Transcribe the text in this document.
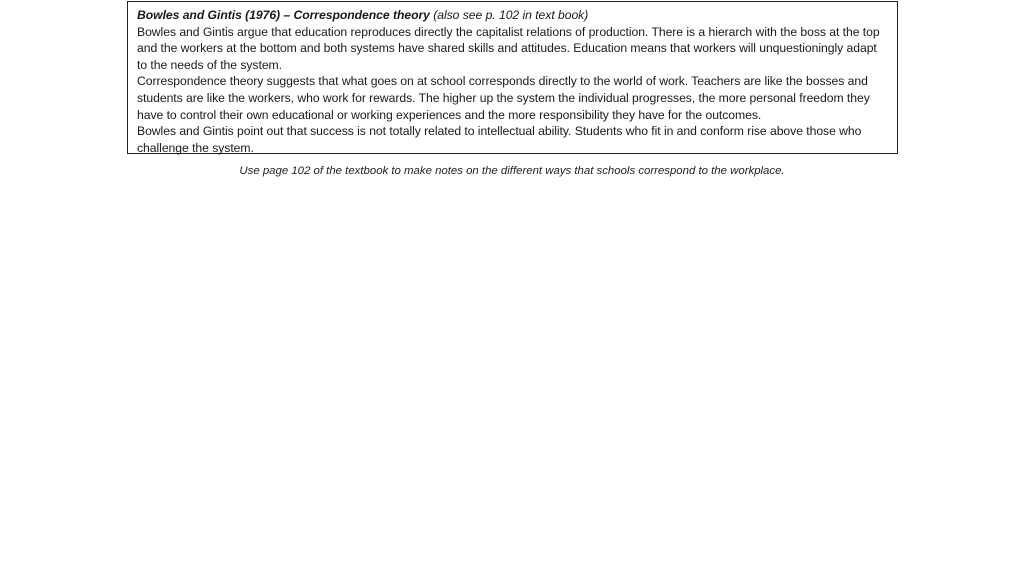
Bowles and Gintis (1976) – Correspondence theory (also see p. 102 in text book)

Bowles and Gintis argue that education reproduces directly the capitalist relations of production. There is a hierarch with the boss at the top and the workers at the bottom and both systems have shared skills and attitudes. Education means that workers will unquestioningly adapt to the needs of the system.

Correspondence theory suggests that what goes on at school corresponds directly to the world of work. Teachers are like the bosses and students are like the workers, who work for rewards. The higher up the system the individual progresses, the more personal freedom they have to control their own educational or working experiences and the more responsibility they have for the outcomes.

Bowles and Gintis point out that success is not totally related to intellectual ability. Students who fit in and conform rise above those who challenge the system.

Use page 102 of the textbook to make notes on the different ways that schools correspond to the workplace.
